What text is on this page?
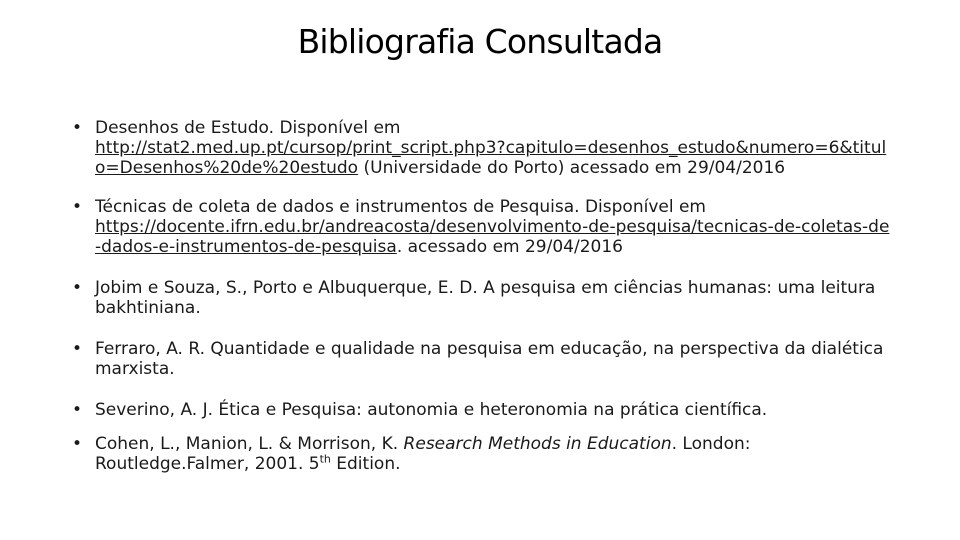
Bibliografia Consultada
• Desenhos de Estudo. Disponível em
http://stat2.med.up.pt/cursop/print_script.php3?capitulo=desenhos_estudo&numero=6&titulo=Desenhos%20de%20estudo (Universidade do Porto) acessado em 29/04/2016
• Técnicas de coleta de dados e instrumentos de Pesquisa. Disponível em
https://docente.ifrn.edu.br/andreacosta/desenvolvimento-de-pesquisa/tecnicas-de-coletas-de-dados-e-instrumentos-de-pesquisa. acessado em 29/04/2016
• Jobim e Souza, S., Porto e Albuquerque, E. D. A pesquisa em ciências humanas: uma leitura bakhtiniana.
• Ferraro, A. R. Quantidade e qualidade na pesquisa em educação, na perspectiva da dialética marxista.
• Severino, A. J. Ética e Pesquisa: autonomia e heteronomia na prática científica.
• Cohen, L., Manion, L. & Morrison, K. Research Methods in Education. London: Routledge.Falmer, 2001. 5th Edition.
